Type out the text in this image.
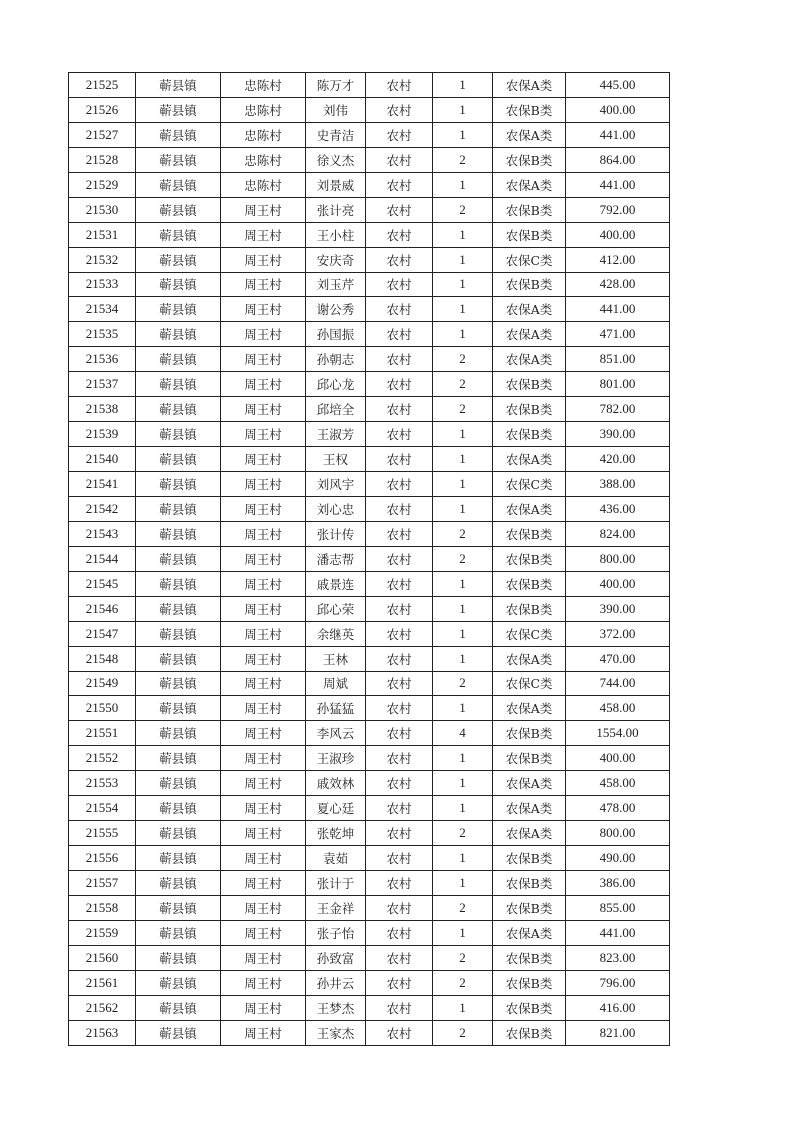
21525	蕲县镇	忠陈村	陈万才	农村	1	农保A类	445.00
21526	蕲县镇	忠陈村	刘伟	农村	1	农保B类	400.00
21527	蕲县镇	忠陈村	史青洁	农村	1	农保A类	441.00
21528	蕲县镇	忠陈村	徐义杰	农村	2	农保B类	864.00
21529	蕲县镇	忠陈村	刘景威	农村	1	农保A类	441.00
21530	蕲县镇	周王村	张计亮	农村	2	农保B类	792.00
21531	蕲县镇	周王村	王小柱	农村	1	农保B类	400.00
21532	蕲县镇	周王村	安庆奇	农村	1	农保C类	412.00
21533	蕲县镇	周王村	刘玉芹	农村	1	农保B类	428.00
21534	蕲县镇	周王村	谢公秀	农村	1	农保A类	441.00
21535	蕲县镇	周王村	孙国振	农村	1	农保A类	471.00
21536	蕲县镇	周王村	孙朝志	农村	2	农保A类	851.00
21537	蕲县镇	周王村	邱心龙	农村	2	农保B类	801.00
21538	蕲县镇	周王村	邱培全	农村	2	农保B类	782.00
21539	蕲县镇	周王村	王淑芳	农村	1	农保B类	390.00
21540	蕲县镇	周王村	王权	农村	1	农保A类	420.00
21541	蕲县镇	周王村	刘风宇	农村	1	农保C类	388.00
21542	蕲县镇	周王村	刘心忠	农村	1	农保A类	436.00
21543	蕲县镇	周王村	张计传	农村	2	农保B类	824.00
21544	蕲县镇	周王村	潘志帮	农村	2	农保B类	800.00
21545	蕲县镇	周王村	戚景连	农村	1	农保B类	400.00
21546	蕲县镇	周王村	邱心荣	农村	1	农保B类	390.00
21547	蕲县镇	周王村	余继英	农村	1	农保C类	372.00
21548	蕲县镇	周王村	王林	农村	1	农保A类	470.00
21549	蕲县镇	周王村	周斌	农村	2	农保C类	744.00
21550	蕲县镇	周王村	孙猛猛	农村	1	农保A类	458.00
21551	蕲县镇	周王村	李风云	农村	4	农保B类	1554.00
21552	蕲县镇	周王村	王淑珍	农村	1	农保B类	400.00
21553	蕲县镇	周王村	戚效林	农村	1	农保A类	458.00
21554	蕲县镇	周王村	夏心廷	农村	1	农保A类	478.00
21555	蕲县镇	周王村	张乾坤	农村	2	农保A类	800.00
21556	蕲县镇	周王村	袁茹	农村	1	农保B类	490.00
21557	蕲县镇	周王村	张计于	农村	1	农保B类	386.00
21558	蕲县镇	周王村	王金祥	农村	2	农保B类	855.00
21559	蕲县镇	周王村	张子怡	农村	1	农保A类	441.00
21560	蕲县镇	周王村	孙致富	农村	2	农保B类	823.00
21561	蕲县镇	周王村	孙井云	农村	2	农保B类	796.00
21562	蕲县镇	周王村	王梦杰	农村	1	农保B类	416.00
21563	蕲县镇	周王村	王家杰	农村	2	农保B类	821.00
